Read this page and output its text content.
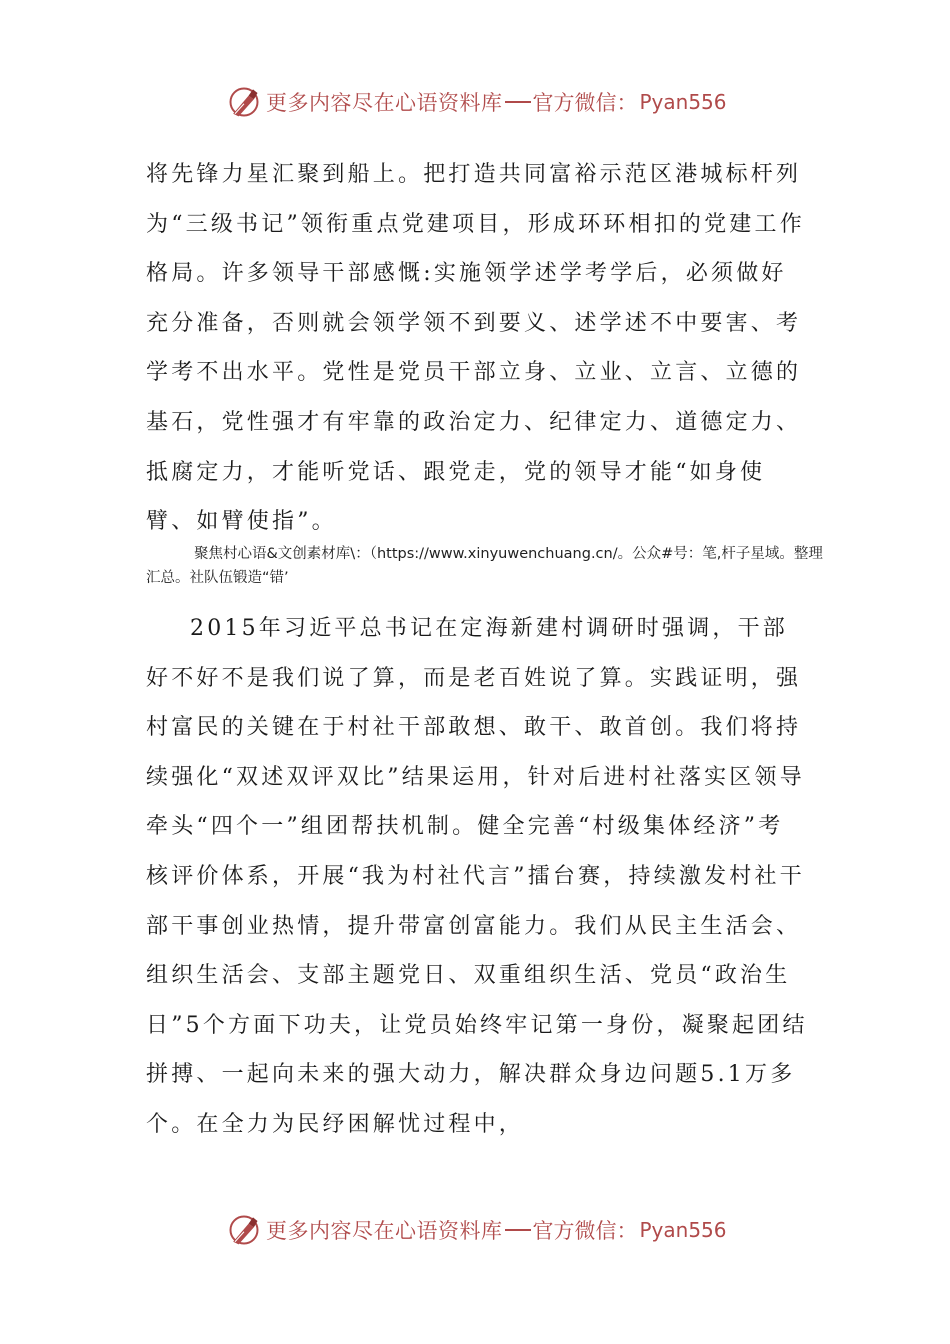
更多内容尽在心语资料库 官方微信： Pyan556
将先锋力星汇聚到船上。把打造共同富裕示范区港城标杆列为“三级书记”领衔重点党建项目，形成环环相扣的党建工作格局。许多领导干部感慨:实施领学述学考学后，必须做好充分准备，否则就会领学领不到要义、述学述不中要害、考学考不出水平。党性是党员干部立身、立业、立言、立德的基石，党性强才有牢靠的政治定力、纪律定力、道德定力、抵腐定力，才能听党话、跟党走，党的领导才能“如身使臂、如臂使指”。
聚焦村心语&文创素材库\：（https://www.xinyuwenchuang.cn/。公众#号：笔,杆子星域。整理汇总。社队伍锻造“错’
2015年习近平总书记在定海新建村调研时强调，干部好不好不是我们说了算，而是老百姓说了算。实践证明，强村富民的关键在于村社干部敢想、敢干、敢首创。我们将持续强化“双述双评双比”结果运用，针对后进村社落实区领导牵头“四个一”组团帮扶机制。健全完善“村级集体经济”考核评价体系，开展“我为村社代言”擂台赛，持续激发村社干部干事创业热情，提升带富创富能力。我们从民主生活会、组织生活会、支部主题党日、双重组织生活、党员“政治生日”5个方面下功夫，让党员始终牢记第一身份，凝聚起团结拼搏、一起向未来的强大动力，解决群众身边问题5.1万多个。在全力为民纾困解忧过程中，
更多内容尽在心语资料库 官方微信： Pyan556
